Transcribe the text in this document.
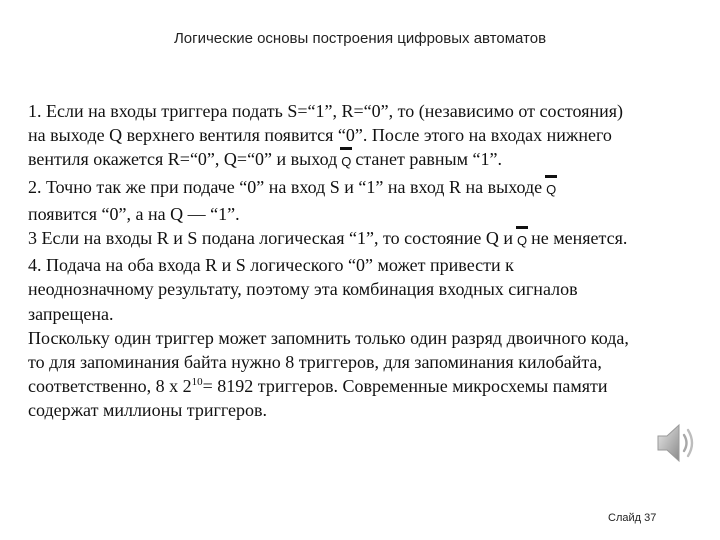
Логические основы построения цифровых автоматов

1. Если на входы триггера подать S=“1”, R=“0”, то (независимо от состояния)

на выходе Q верхнего вентиля появится “0”. После этого на входах нижнего

вентиля окажется R=“0”, Q=“0” и выход Q станет равным “1”.

2. Точно так же при подаче “0” на вход S и “1” на вход R на выходе Q

появится “0”, а на Q — “1”.

3 Если на входы R и S подана логическая “1”, то состояние Q и Q не меняется.

4. Подача на оба входа R и S логического “0” может привести к

неоднозначному результату, поэтому эта комбинация входных сигналов

запрещена.

Поскольку один триггер может запомнить только один разряд двоичного кода,

то для запоминания байта нужно 8 триггеров, для запоминания килобайта,

соответственно, 8 х $2^{10}= 8192$ триггеров. Современные микросхемы памяти

содержат миллионы триггеров.

Слайд 37
